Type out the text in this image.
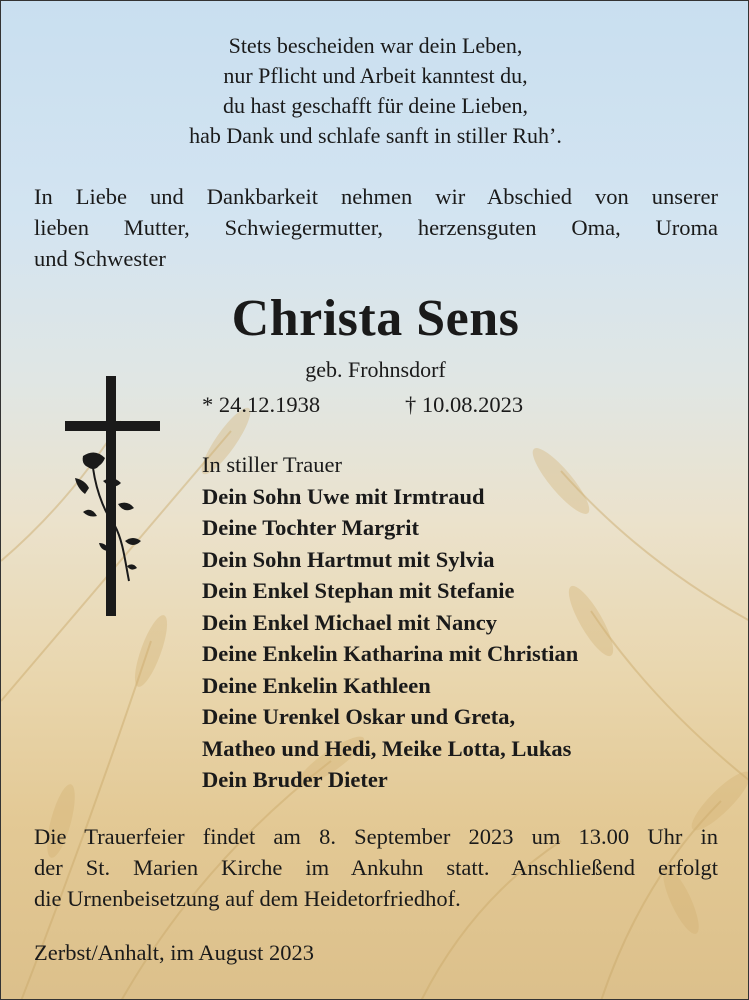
Stets bescheiden war dein Leben,
nur Pflicht und Arbeit kanntest du,
du hast geschafft für deine Lieben,
hab Dank und schlafe sanft in stiller Ruh’.
In Liebe und Dankbarkeit nehmen wir Abschied von unserer
lieben Mutter, Schwiegermutter, herzensguten Oma, Uroma
und Schwester
Christa Sens
geb. Frohnsdorf
* 24.12.1938	† 10.08.2023
In stiller Trauer
Dein Sohn Uwe mit Irmtraud
Deine Tochter Margrit
Dein Sohn Hartmut mit Sylvia
Dein Enkel Stephan mit Stefanie
Dein Enkel Michael mit Nancy
Deine Enkelin Katharina mit Christian
Deine Enkelin Kathleen
Deine Urenkel Oskar und Greta,
Matheo und Hedi, Meike Lotta, Lukas
Dein Bruder Dieter
Die Trauerfeier findet am 8. September 2023 um 13.00 Uhr in
der St. Marien Kirche im Ankuhn statt. Anschließend erfolgt
die Urnenbeisetzung auf dem Heidetorfriedhof.
Zerbst/Anhalt, im August 2023
